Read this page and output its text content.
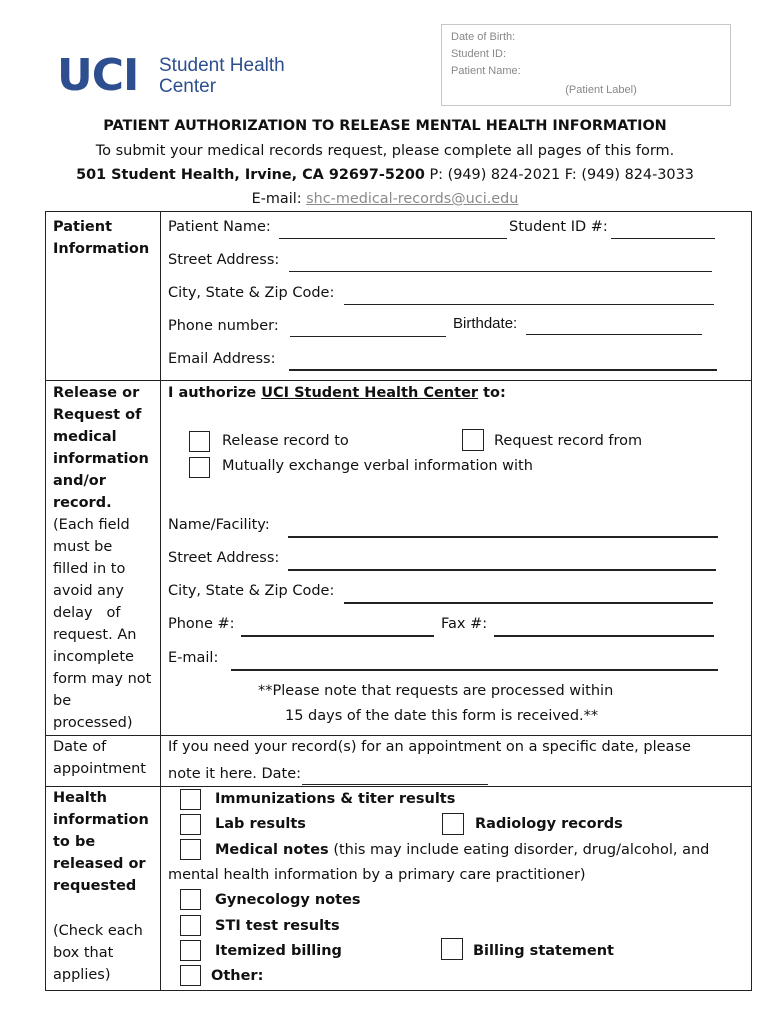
UCI Student Health
Center
Date of Birth:
Student ID:
Patient Name:
(Patient Label)
PATIENT AUTHORIZATION TO RELEASE MENTAL HEALTH INFORMATION
To submit your medical records request, please complete all pages of this form.
501 Student Health, Irvine, CA 92697-5200 P: (949) 824-2021 F: (949) 824-3033
E-mail: shc-medical-records@uci.edu
Patient
Information
Patient Name:	Student ID #:
Street Address:
City, State & Zip Code:
Phone number:	Birthdate:
Email Address:
Release or
Request of
medical
information
and/or
record.
(Each field
must be
filled in to
avoid any
delay   of
request. An
incomplete
form may not
be
processed)
I authorize UCI Student Health Center to:
Release record to	Request record from
Mutually exchange verbal information with
Name/Facility:
Street Address:
City, State & Zip Code:
Phone #:	Fax #:
E-mail:
**Please note that requests are processed within
15 days of the date this form is received.**
Date of
appointment
If you need your record(s) for an appointment on a specific date, please
note it here. Date:
Health
information
to be
released or
requested
(Check each
box that
applies)
Immunizations & titer results
Lab results	Radiology records
Medical notes (this may include eating disorder, drug/alcohol, and
mental health information by a primary care practitioner)
Gynecology notes
STI test results
Itemized billing	Billing statement
Other:
